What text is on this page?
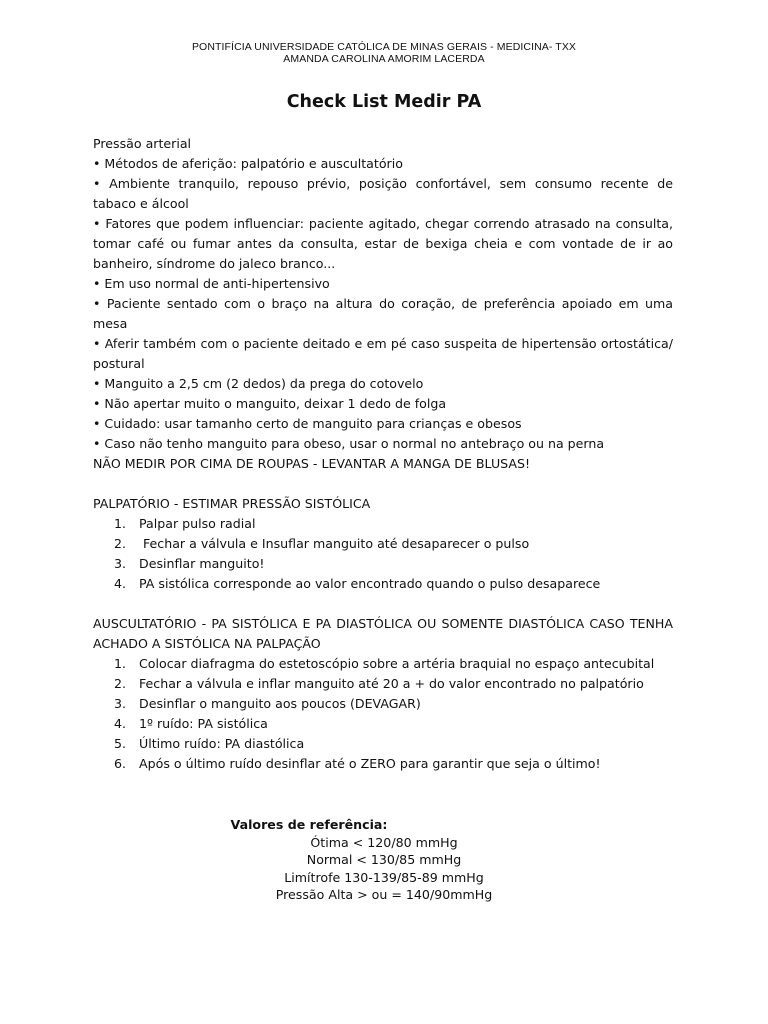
PONTIFÍCIA UNIVERSIDADE CATÓLICA DE MINAS GERAIS - MEDICINA- TXX
AMANDA CAROLINA AMORIM LACERDA
Check List Medir PA
Pressão arterial
• Métodos de aferição: palpatório e auscultatório
• Ambiente tranquilo, repouso prévio, posição confortável, sem consumo recente de tabaco e álcool
• Fatores que podem influenciar: paciente agitado, chegar correndo atrasado na consulta, tomar café ou fumar antes da consulta, estar de bexiga cheia e com vontade de ir ao banheiro, síndrome do jaleco branco...
• Em uso normal de anti-hipertensivo
• Paciente sentado com o braço na altura do coração, de preferência apoiado em uma mesa
• Aferir também com o paciente deitado e em pé caso suspeita de hipertensão ortostática/ postural
• Manguito a 2,5 cm (2 dedos) da prega do cotovelo
• Não apertar muito o manguito, deixar 1 dedo de folga
• Cuidado: usar tamanho certo de manguito para crianças e obesos
• Caso não tenho manguito para obeso, usar o normal no antebraço ou na perna
NÃO MEDIR POR CIMA DE ROUPAS - LEVANTAR A MANGA DE BLUSAS!
PALPATÓRIO - ESTIMAR PRESSÃO SISTÓLICA
1. Palpar pulso radial
2. Fechar a válvula e Insuflar manguito até desaparecer o pulso
3. Desinflar manguito!
4. PA sistólica corresponde ao valor encontrado quando o pulso desaparece
AUSCULTATÓRIO - PA SISTÓLICA E PA DIASTÓLICA OU SOMENTE DIASTÓLICA CASO TENHA ACHADO A SISTÓLICA NA PALPAÇÃO
1. Colocar diafragma do estetoscópio sobre a artéria braquial no espaço antecubital
2. Fechar a válvula e inflar manguito até 20 a + do valor encontrado no palpatório
3. Desinflar o manguito aos poucos (DEVAGAR)
4. 1º ruído: PA sistólica
5. Último ruído: PA diastólica
6. Após o último ruído desinflar até o ZERO para garantir que seja o último!
Valores de referência:
Ótima < 120/80 mmHg
Normal < 130/85 mmHg
Limítrofe 130-139/85-89 mmHg
Pressão Alta > ou = 140/90mmHg
